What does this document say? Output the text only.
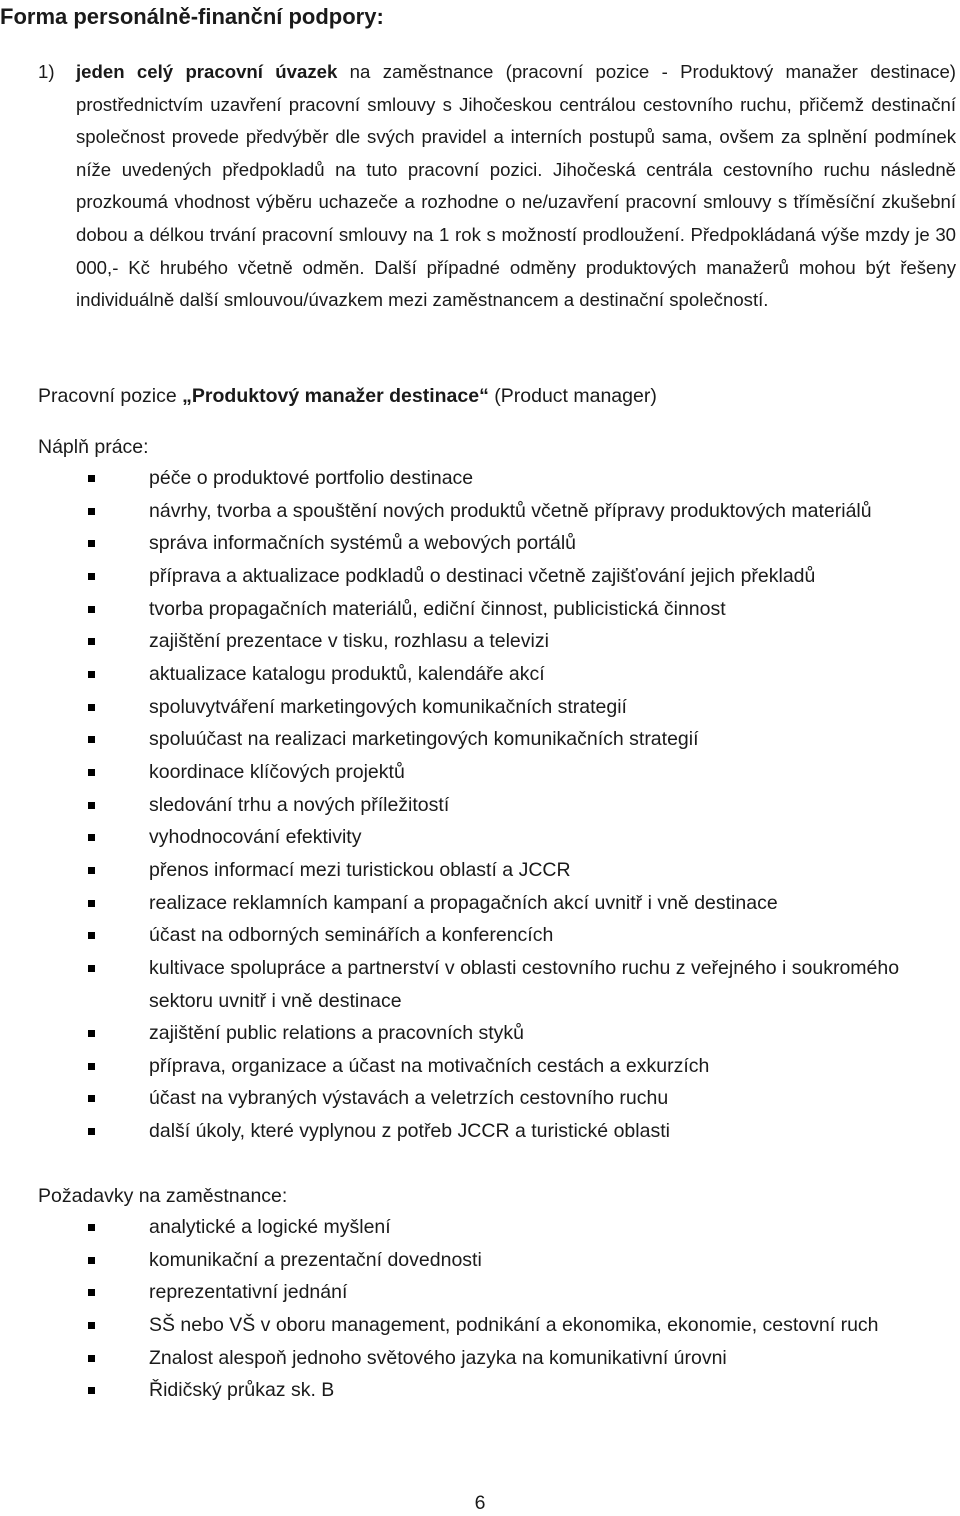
Forma personálně-finanční podpory:

1) jeden celý pracovní úvazek na zaměstnance (pracovní pozice - Produktový manažer destinace) prostřednictvím uzavření pracovní smlouvy s Jihočeskou centrálou cestovního ruchu, přičemž destinační společnost provede předvýběr dle svých pravidel a interních postupů sama, ovšem za splnění podmínek níže uvedených předpokladů na tuto pracovní pozici. Jihočeská centrála cestovního ruchu následně prozkoumá vhodnost výběru uchazeče a rozhodne o ne/uzavření pracovní smlouvy s tříměsíční zkušební dobou a délkou trvání pracovní smlouvy na 1 rok s možností prodloužení. Předpokládaná výše mzdy je 30 000,- Kč hrubého včetně odměn. Další případné odměny produktových manažerů mohou být řešeny individuálně další smlouvou/úvazkem mezi zaměstnancem a destinační společností.

Pracovní pozice „Produktový manažer destinace“ (Product manager)

Náplň práce:

péče o produktové portfolio destinace
návrhy, tvorba a spouštění nových produktů včetně přípravy produktových materiálů
správa informačních systémů a webových portálů
příprava a aktualizace podkladů o destinaci včetně zajišťování jejich překladů
tvorba propagačních materiálů, ediční činnost, publicistická činnost
zajištění prezentace v tisku, rozhlasu a televizi
aktualizace katalogu produktů, kalendáře akcí
spoluvytváření marketingových komunikačních strategií
spoluúčast na realizaci marketingových komunikačních strategií
koordinace klíčových projektů
sledování trhu a nových příležitostí
vyhodnocování efektivity
přenos informací mezi turistickou oblastí a JCCR
realizace reklamních kampaní a propagačních akcí uvnitř i vně destinace
účast na odborných seminářích a konferencích
kultivace spolupráce a partnerství v oblasti cestovního ruchu z veřejného i soukromého sektoru uvnitř i vně destinace
zajištění public relations a pracovních styků
příprava, organizace a účast na motivačních cestách a exkurzích
účast na vybraných výstavách a veletrzích cestovního ruchu
další úkoly, které vyplynou z potřeb JCCR a turistické oblasti

Požadavky na zaměstnance:

analytické a logické myšlení
komunikační a prezentační dovednosti
reprezentativní jednání
SŠ nebo VŠ v oboru management, podnikání a ekonomika, ekonomie, cestovní ruch
Znalost alespoň jednoho světového jazyka na komunikativní úrovni
Řidičský průkaz sk. B
6
